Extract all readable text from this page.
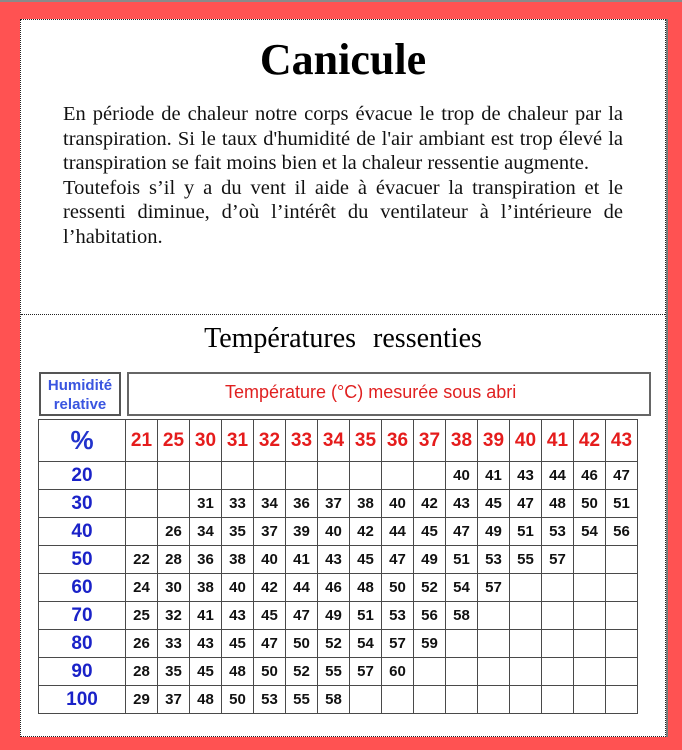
Canicule

En période de chaleur notre corps évacue le trop de chaleur par la transpiration. Si le taux d'humidité de l'air ambiant est trop élevé la transpiration se fait moins bien et la chaleur ressentie augmente.

Toutefois s’il y a du vent il aide à évacuer la transpiration et le ressenti diminue, d’où l’intérêt du ventilateur à l’intérieure de l’habitation.

Températures ressenties
Humidité
relative
Température (°C) mesurée sous abri
%	21	25	30	31	32	33	34	35	36	37	38	39	40	41	42	43
20											40	41	43	44	46	47
30			31	33	34	36	37	38	40	42	43	45	47	48	50	51
40		26	34	35	37	39	40	42	44	45	47	49	51	53	54	56
50	22	28	36	38	40	41	43	45	47	49	51	53	55	57		
60	24	30	38	40	42	44	46	48	50	52	54	57				
70	25	32	41	43	45	47	49	51	53	56	58					
80	26	33	43	45	47	50	52	54	57	59						
90	28	35	45	48	50	52	55	57	60							
100	29	37	48	50	53	55	58									
